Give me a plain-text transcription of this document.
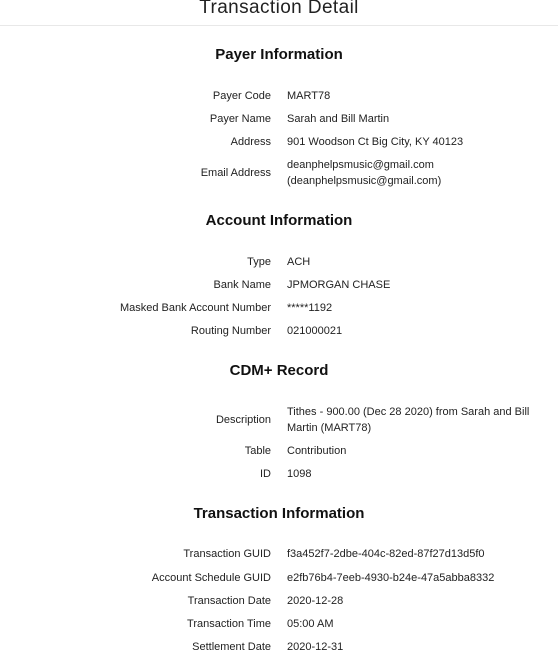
Transaction Detail
Payer Information
Payer Code MART78
Payer Name Sarah and Bill Martin
Address 901 Woodson Ct Big City, KY 40123
Email Address
deanphelpsmusic@gmail.com
(deanphelpsmusic@gmail.com)
Account Information
Type ACH
Bank Name JPMORGAN CHASE
Masked Bank Account Number *****1192
Routing Number 021000021
CDM+ Record
Description
Tithes - 900.00 (Dec 28 2020) from Sarah and Bill Martin (MART78)
Table Contribution
ID 1098
Transaction Information
Transaction GUID f3a452f7-2dbe-404c-82ed-87f27d13d5f0
Account Schedule GUID e2fb76b4-7eeb-4930-b24e-47a5abba8332
Transaction Date 2020-12-28
Transaction Time 05:00 AM
Settlement Date 2020-12-31
